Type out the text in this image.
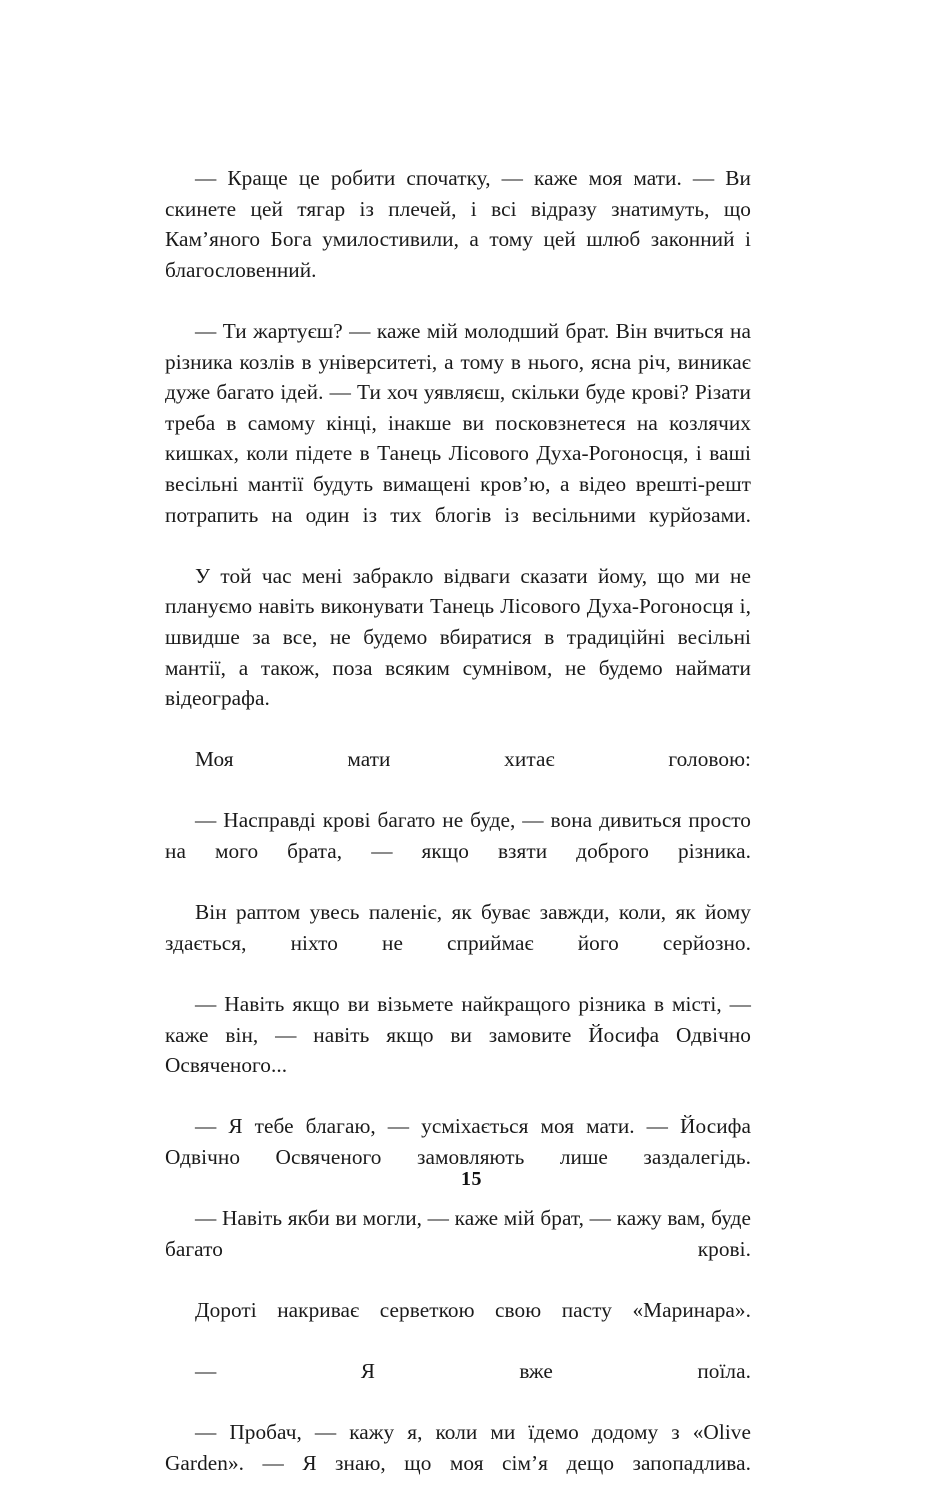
— Краще це робити спочатку, — каже моя мати. — Ви скинете цей тягар із плечей, і всі відразу знатимуть, що Кам’яного Бога умилостивили, а тому цей шлюб законний і благословенний.

— Ти жартуєш? — каже мій молодший брат. Він вчиться на різника козлів в університеті, а тому в нього, ясна річ, виникає дуже багато ідей. — Ти хоч уявляєш, скільки буде крові? Різати треба в самому кінці, інакше ви посковзнетеся на козлячих кишках, коли підете в Танець Лісового Духа-Рогоносця, і ваші весільні мантії будуть вимащені кров’ю, а відео врешті-решт потрапить на один із тих блогів із весільними курйозами.

У той час мені забракло відваги сказати йому, що ми не плануємо навіть виконувати Танець Лісового Духа-Рогоносця і, швидше за все, не будемо вбиратися в традиційні весільні мантії, а також, поза всяким сумнівом, не будемо наймати відеографа.

Моя мати хитає головою:

— Насправді крові багато не буде, — вона дивиться просто на мого брата, — якщо взяти доброго різника.

Він раптом увесь паленіє, як буває завжди, коли, як йому здається, ніхто не сприймає його серйозно.

— Навіть якщо ви візьмете найкращого різника в місті, — каже він, — навіть якщо ви замовите Йосифа Одвічно Освяченого...

— Я тебе благаю, — усміхається моя мати. — Йосифа Одвічно Освяченого замовляють лише заздалегідь.

— Навіть якби ви могли, — каже мій брат, — кажу вам, буде багато крові.

Дороті накриває серветкою свою пасту «Маринара».

— Я вже поїла.

— Пробач, — кажу я, коли ми їдемо додому з «Olive Garden». — Я знаю, що моя сім’я дещо запопадлива.

15
